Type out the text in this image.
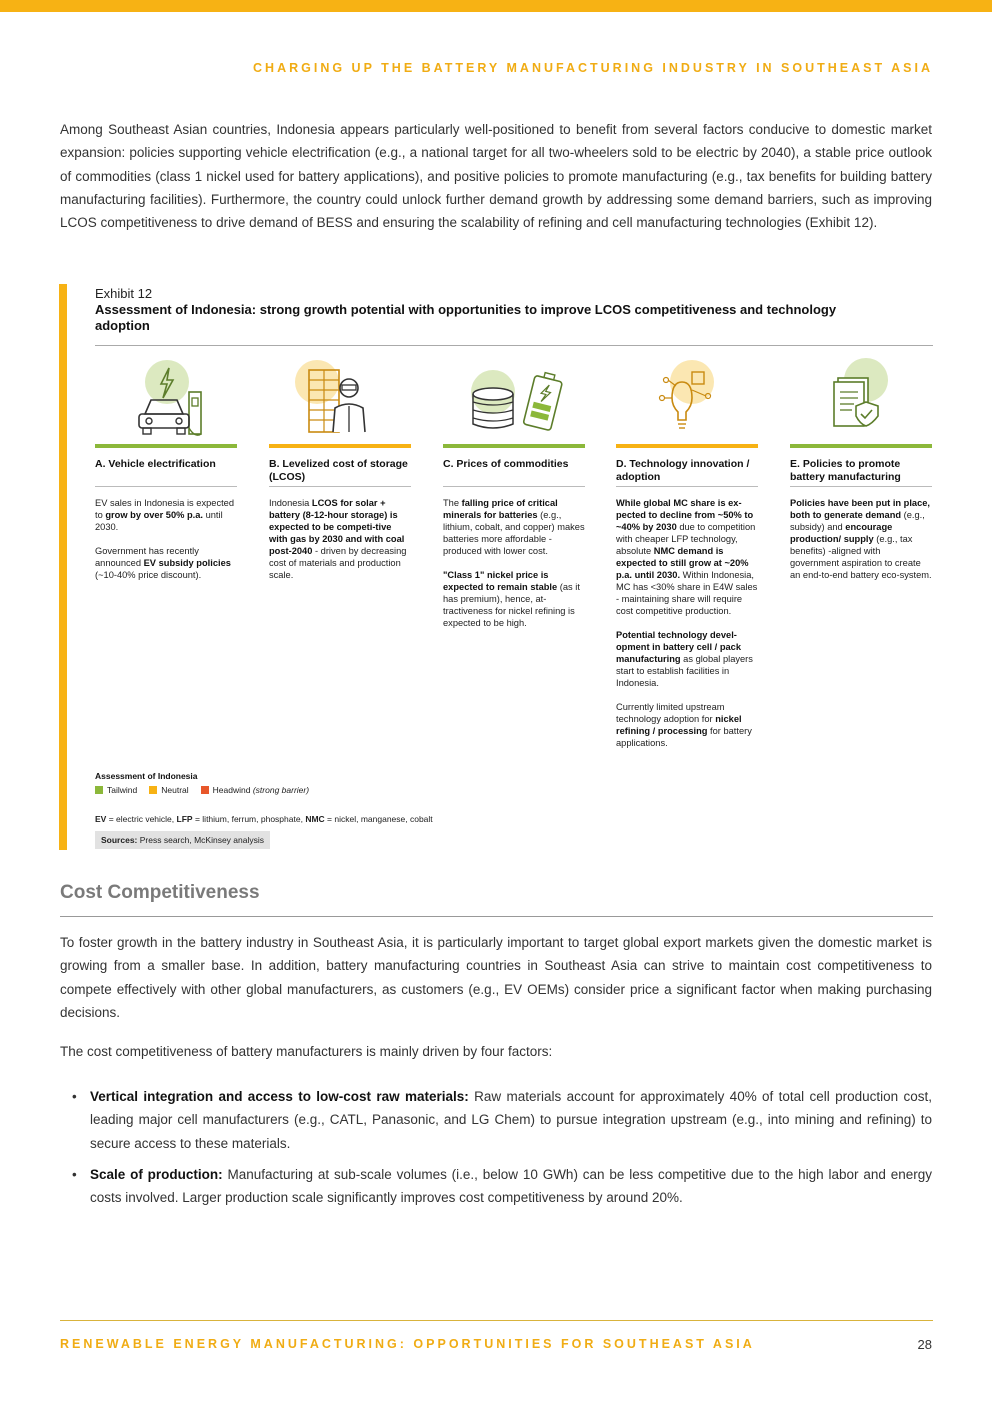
CHARGING UP THE BATTERY MANUFACTURING INDUSTRY IN SOUTHEAST ASIA

Among Southeast Asian countries, Indonesia appears particularly well-positioned to benefit from several factors conducive to domestic market expansion: policies supporting vehicle electrification (e.g., a national target for all two-wheelers sold to be electric by 2040), a stable price outlook of commodities (class 1 nickel used for battery applications), and positive policies to promote manufacturing (e.g., tax benefits for building battery manufacturing facilities). Furthermore, the country could unlock further demand growth by addressing some demand barriers, such as improving LCOS competitiveness to drive demand of BESS and ensuring the scalability of refining and cell manufacturing technologies (Exhibit 12).

Exhibit 12
Assessment of Indonesia: strong growth potential with opportunities to improve LCOS competitiveness and technology adoption
A. Vehicle electrification

EV sales in Indonesia is expected to grow by over 50% p.a. until 2030.

Government has recently announced EV subsidy policies (~10-40% price discount).

B. Levelized cost of storage (LCOS)

Indonesia LCOS for solar + battery (8-12-hour storage) is expected to be competi-tive with gas by 2030 and with coal post-2040 - driven by decreasing cost of materials and production scale.

C. Prices of commodities

The falling price of critical minerals for batteries (e.g., lithium, cobalt, and copper) makes batteries more affordable - produced with lower cost.

"Class 1" nickel price is expected to remain stable (as it has premium), hence, at-tractiveness for nickel refining is expected to be high.

D. Technology innovation / adoption

While global MC share is ex-pected to decline from ~50% to ~40% by 2030 due to competition with cheaper LFP technology, absolute NMC demand is expected to still grow at ~20% p.a. until 2030. Within Indonesia, MC has <30% share in E4W sales - maintaining share will require cost competitive production.

Potential technology devel-opment in battery cell / pack manufacturing as global players start to establish facilities in Indonesia.

Currently limited upstream technology adoption for nickel refining / processing for battery applications.

E. Policies to promote battery manufacturing

Policies have been put in place, both to generate demand (e.g., subsidy) and encourage production/ supply (e.g., tax benefits) -aligned with government aspiration to create an end-to-end battery eco-system.

Assessment of Indonesia
Tailwind	Neutral	Headwind (strong barrier)
EV = electric vehicle, LFP = lithium, ferrum, phosphate, NMC = nickel, manganese, cobalt
Sources: Press search, McKinsey analysis
Cost Competitiveness

To foster growth in the battery industry in Southeast Asia, it is particularly important to target global export markets given the domestic market is growing from a smaller base. In addition, battery manufacturing countries in Southeast Asia can strive to maintain cost competitiveness to compete effectively with other global manufacturers, as customers (e.g., EV OEMs) consider price a significant factor when making purchasing decisions.

The cost competitiveness of battery manufacturers is mainly driven by four factors:

• Vertical integration and access to low-cost raw materials: Raw materials account for approximately 40% of total cell production cost, leading major cell manufacturers (e.g., CATL, Panasonic, and LG Chem) to pursue integration upstream (e.g., into mining and refining) to secure access to these materials.
• Scale of production: Manufacturing at sub-scale volumes (i.e., below 10 GWh) can be less competitive due to the high labor and energy costs involved. Larger production scale significantly improves cost competitiveness by around 20%.
RENEWABLE ENERGY MANUFACTURING: OPPORTUNITIES FOR SOUTHEAST ASIA	28
